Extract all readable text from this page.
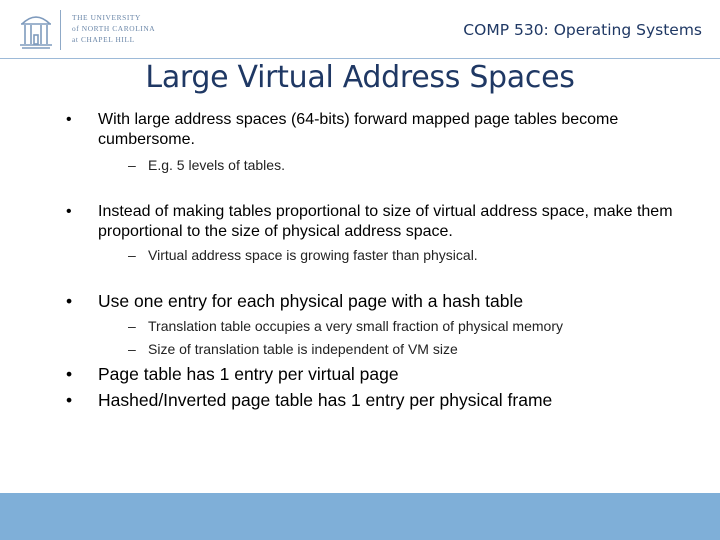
THE UNIVERSITY
of NORTH CAROLINA
at CHAPEL HILL
COMP 530: Operating Systems
Large Virtual Address Spaces
• With large address spaces (64-bits) forward mapped page tables become cumbersome.
– E.g. 5 levels of tables.
• Instead of making tables proportional to size of virtual address space, make them proportional to the size of physical address space.
– Virtual address space is growing faster than physical.
• Use one entry for each physical page with a hash table
– Translation table occupies a very small fraction of physical memory
– Size of translation table is independent of VM size
• Page table has 1 entry per virtual page
• Hashed/Inverted page table has 1 entry per physical frame
